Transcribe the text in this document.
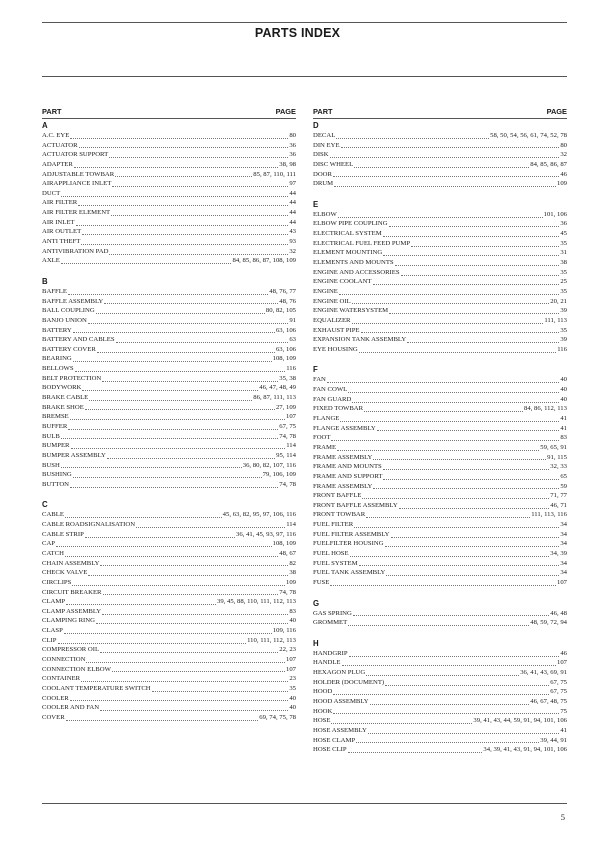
PARTS INDEX
PART	PAGE
A
A.C. EYE	80
ACTUATOR	36
ACTUATOR SUPPORT	36
ADAPTER	38, 98
ADJUSTABLE TOWBAR	85, 87, 110, 111
AIRAPPLIANCE INLET	97
DUCT	44
AIR FILTER	44
AIR FILTER ELEMENT	44
AIR INLET	44
AIR OUTLET	43
ANTI THEFT	93
ANTIVIBRATION PAD	32
AXLE	84, 85, 86, 87, 108, 109
B
BAFFLE	48, 76, 77
BAFFLE ASSEMBLY	48, 76
BALL COUPLING	80, 82, 105
BANJO UNION	91
BATTERY	63, 106
BATTERY AND CABLES	63
BATTERY COVER	63, 106
BEARING	108, 109
BELLOWS	116
BELT PROTECTION	35, 38
BODYWORK	46, 47, 48, 49
BRAKE CABLE	86, 87, 111, 113
BRAKE SHOE	27, 109
BREMSE	107
BUFFER	67, 75
BULB	74, 78
BUMPER	114
BUMPER ASSEMBLY	95, 114
BUSH	36, 80, 82, 107, 116
BUSHING	79, 106, 109
BUTTON	74, 78
C
CABLE	45, 63, 82, 95, 97, 106, 116
CABLE ROADSIGNALISATION	114
CABLE STRIP	36, 41, 45, 93, 97, 116
CAP	108, 109
CATCH	48, 67
CHAIN ASSEMBLY	82
CHECK VALVE	38
CIRCLIPS	109
CIRCUIT BREAKER	74, 78
CLAMP	39, 45, 88, 110, 111, 112, 113
CLAMP ASSEMBLY	83
CLAMPING RING	40
CLASP	109, 116
CLIP	110, 111, 112, 113
COMPRESSOR OIL	22, 23
CONNECTION	107
CONNECTION ELBOW	107
CONTAINER	23
COOLANT TEMPERATURE SWITCH	35
COOLER	40
COOLER AND FAN	40
COVER	69, 74, 75, 78
PART	PAGE
D
DECAL	58, 50, 54, 56, 61, 74, 52, 78
DIN EYE	80
DISK	32
DISC WHEEL	84, 85, 86, 87
DOOR	46
DRUM	109
E
ELBOW	101, 106
ELBOW PIPE COUPLING	36
ELECTRICAL SYSTEM	45
ELECTRICAL FUEL FEED PUMP	35
ELEMENT MOUNTING	31
ELEMENTS AND MOUNTS	38
ENGINE AND ACCESSORIES	35
ENGINE COOLANT	25
ENGINE	35
ENGINE OIL	20, 21
ENGINE WATERSYSTEM	39
EQUALIZER	111, 113
EXHAUST PIPE	35
EXPANSION TANK ASSEMBLY	39
EYE HOUSING	116
F
FAN	40
FAN COWL	40
FAN GUARD	40
FIXED TOWBAR	84, 86, 112, 113
FLANGE	41
FLANGE ASSEMBLY	41
FOOT	83
FRAME	59, 65, 91
FRAME ASSEMBLY	91, 115
FRAME AND MOUNTS	32, 33
FRAME AND SUPPORT	65
FRAME ASSEMBLY	59
FRONT BAFFLE	71, 77
FRONT BAFFLE ASSEMBLY	46, 71
FRONT TOWBAR	111, 113, 116
FUEL FILTER	34
FUEL FILTER ASSEMBLY	34
FUELFILTER HOUSING	34
FUEL HOSE	34, 39
FUEL SYSTEM	34
FUEL TANK ASSEMBLY	34
FUSE	107
G
GAS SPRING	46, 48
GROMMET	48, 59, 72, 94
H
HANDGRIP	46
HANDLE	107
HEXAGON PLUG	36, 41, 43, 69, 91
HOLDER (DOCUMENT)	67, 75
HOOD	67, 75
HOOD ASSEMBLY	46, 67, 48, 75
HOOK	75
HOSE	39, 41, 43, 44, 59, 91, 94, 101, 106
HOSE ASSEMBLY	41
HOSE CLAMP	39, 44, 91
HOSE CLIP	34, 39, 41, 43, 91, 94, 101, 106
5
